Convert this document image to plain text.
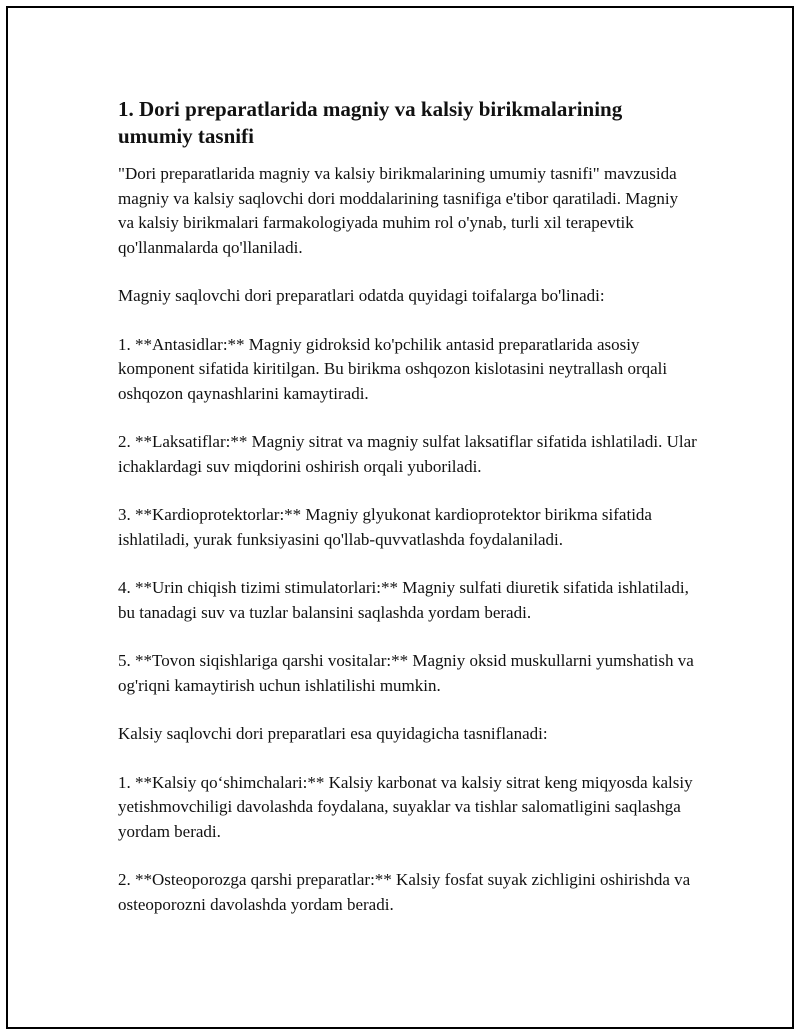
1. Dori preparatlarida magniy va kalsiy birikmalarining umumiy tasnifi

"Dori preparatlarida magniy va kalsiy birikmalarining umumiy tasnifi" mavzusida magniy va kalsiy saqlovchi dori moddalarining tasnifiga e'tibor qaratiladi. Magniy va kalsiy birikmalari farmakologiyada muhim rol o'ynab, turli xil terapevtik qo'llanmalarda qo'llaniladi.

Magniy saqlovchi dori preparatlari odatda quyidagi toifalarga bo'linadi:

1. **Antasidlar:** Magniy gidroksid ko'pchilik antasid preparatlarida asosiy komponent sifatida kiritilgan. Bu birikma oshqozon kislotasini neytrallash orqali oshqozon qaynashlarini kamaytiradi.

2. **Laksatiflar:** Magniy sitrat va magniy sulfat laksatiflar sifatida ishlatiladi. Ular ichaklardagi suv miqdorini oshirish orqali yuboriladi.

3. **Kardioprotektorlar:** Magniy glyukonat kardioprotektor birikma sifatida ishlatiladi, yurak funksiyasini qo'llab-quvvatlashda foydalaniladi.

4. **Urin chiqish tizimi stimulatorlari:** Magniy sulfati diuretik sifatida ishlatiladi, bu tanadagi suv va tuzlar balansini saqlashda yordam beradi.

5. **Tovon siqishlariga qarshi vositalar:** Magniy oksid muskullarni yumshatish va og'riqni kamaytirish uchun ishlatilishi mumkin.

Kalsiy saqlovchi dori preparatlari esa quyidagicha tasniflanadi:

1. **Kalsiy qo‘shimchalari:** Kalsiy karbonat va kalsiy sitrat keng miqyosda kalsiy yetishmovchiligi davolashda foydalana, suyaklar va tishlar salomatligini saqlashga yordam beradi.

2. **Osteoporozga qarshi preparatlar:** Kalsiy fosfat suyak zichligini oshirishda va osteoporozni davolashda yordam beradi.
